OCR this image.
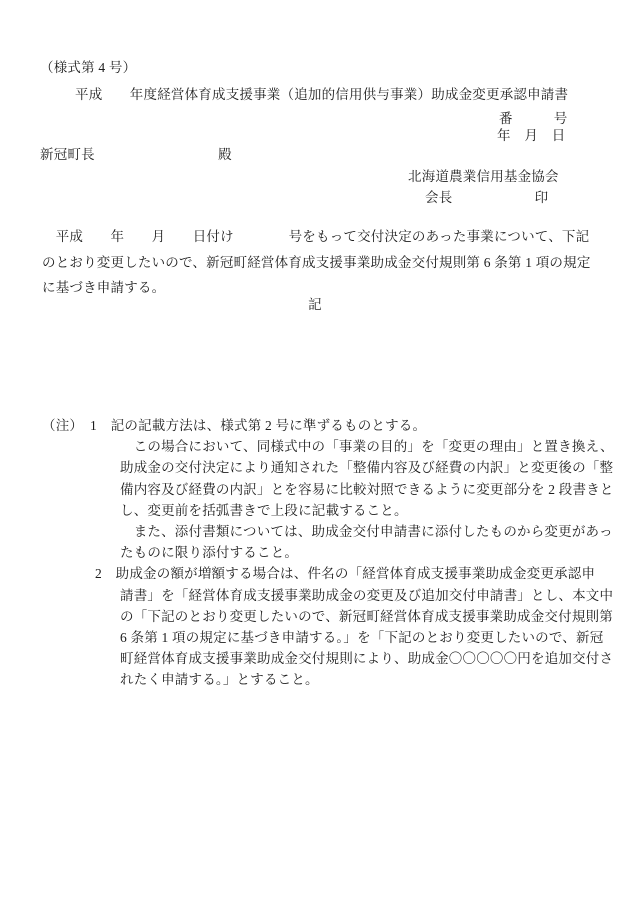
（様式第 4 号）
平成　　年度経営体育成支援事業（追加的信用供与事業）助成金変更承認申請書
番　　　号
年　月　日
新冠町長　　　　　　　　　殿
北海道農業信用基金協会
会長　　　　　　印
　平成　　年　　月　　日付け　　　　号をもって交付決定のあった事業について、下記
のとおり変更したいので、新冠町経営体育成支援事業助成金交付規則第 6 条第 1 項の規定
に基づき申請する。
記
（注）　1　記の記載方法は、様式第 2 号に準ずるものとする。
　この場合において、同様式中の「事業の目的」を「変更の理由」と置き換え、
助成金の交付決定により通知された「整備内容及び経費の内訳」と変更後の「整
備内容及び経費の内訳」とを容易に比較対照できるように変更部分を 2 段書きと
し、変更前を括弧書きで上段に記載すること。
　また、添付書類については、助成金交付申請書に添付したものから変更があっ
たものに限り添付すること。
2　助成金の額が増額する場合は、件名の「経営体育成支援事業助成金変更承認申
請書」を「経営体育成支援事業助成金の変更及び追加交付申請書」とし、本文中
の「下記のとおり変更したいので、新冠町経営体育成支援事業助成金交付規則第
6 条第 1 項の規定に基づき申請する。」を「下記のとおり変更したいので、新冠
町経営体育成支援事業助成金交付規則により、助成金〇〇〇〇〇円を追加交付さ
れたく申請する。」とすること。
